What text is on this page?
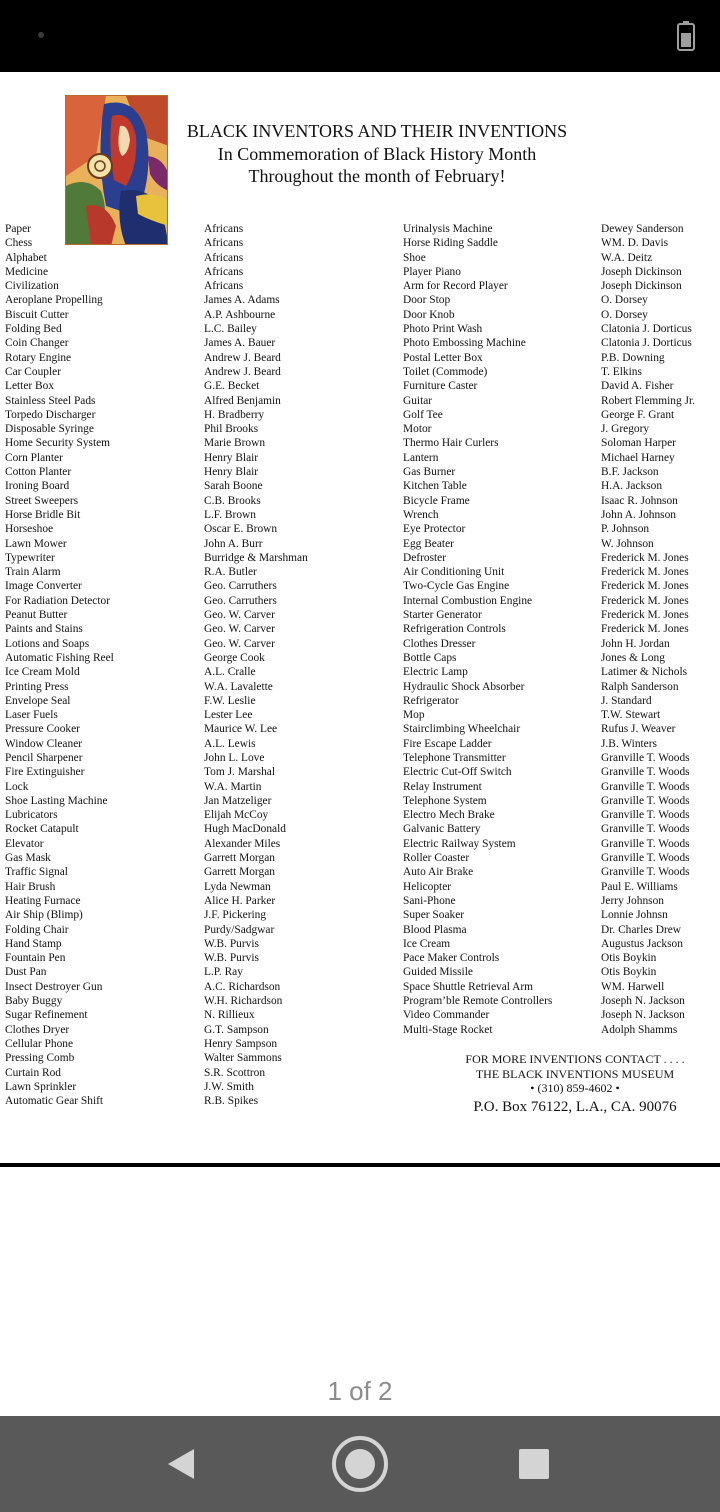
BLACK INVENTORS AND THEIR INVENTIONS
In Commemoration of Black History Month
Throughout the month of February!
Paper
Chess
Alphabet
Medicine
Civilization
Aeroplane Propelling
Biscuit Cutter
Folding Bed
Coin Changer
Rotary Engine
Car Coupler
Letter Box
Stainless Steel Pads
Torpedo Discharger
Disposable Syringe
Home Security System
Corn Planter
Cotton Planter
Ironing Board
Street Sweepers
Horse Bridle Bit
Horseshoe
Lawn Mower
Typewriter
Train Alarm
Image Converter
For Radiation Detector
Peanut Butter
Paints and Stains
Lotions and Soaps
Automatic Fishing Reel
Ice Cream Mold
Printing Press
Envelope Seal
Laser Fuels
Pressure Cooker
Window Cleaner
Pencil Sharpener
Fire Extinguisher
Lock
Shoe Lasting Machine
Lubricators
Rocket Catapult
Elevator
Gas Mask
Traffic Signal
Hair Brush
Heating Furnace
Air Ship (Blimp)
Folding Chair
Hand Stamp
Fountain Pen
Dust Pan
Insect Destroyer Gun
Baby Buggy
Sugar Refinement
Clothes Dryer
Cellular Phone
Pressing Comb
Curtain Rod
Lawn Sprinkler
Automatic Gear Shift
Africans
Africans
Africans
Africans
Africans
James A. Adams
A.P. Ashbourne
L.C. Bailey
James A. Bauer
Andrew J. Beard
Andrew J. Beard
G.E. Becket
Alfred Benjamin
H. Bradberry
Phil Brooks
Marie Brown
Henry Blair
Henry Blair
Sarah Boone
C.B. Brooks
L.F. Brown
Oscar E. Brown
John A. Burr
Burridge & Marshman
R.A. Butler
Geo. Carruthers
Geo. Carruthers
Geo. W. Carver
Geo. W. Carver
Geo. W. Carver
George Cook
A.L. Cralle
W.A. Lavalette
F.W. Leslie
Lester Lee
Maurice W. Lee
A.L. Lewis
John L. Love
Tom J. Marshal
W.A. Martin
Jan Matzeliger
Elijah McCoy
Hugh MacDonald
Alexander Miles
Garrett Morgan
Garrett Morgan
Lyda Newman
Alice H. Parker
J.F. Pickering
Purdy/Sadgwar
W.B. Purvis
W.B. Purvis
L.P. Ray
A.C. Richardson
W.H. Richardson
N. Rillieux
G.T. Sampson
Henry Sampson
Walter Sammons
S.R. Scottron
J.W. Smith
R.B. Spikes
Urinalysis Machine
Horse Riding Saddle
Shoe
Player Piano
Arm for Record Player
Door Stop
Door Knob
Photo Print Wash
Photo Embossing Machine
Postal Letter Box
Toilet (Commode)
Furniture Caster
Guitar
Golf Tee
Motor
Thermo Hair Curlers
Lantern
Gas Burner
Kitchen Table
Bicycle Frame
Wrench
Eye Protector
Egg Beater
Defroster
Air Conditioning Unit
Two-Cycle Gas Engine
Internal Combustion Engine
Starter Generator
Refrigeration Controls
Clothes Dresser
Bottle Caps
Electric Lamp
Hydraulic Shock Absorber
Refrigerator
Mop
Stairclimbing Wheelchair
Fire Escape Ladder
Telephone Transmitter
Electric Cut-Off Switch
Relay Instrument
Telephone System
Electro Mech Brake
Galvanic Battery
Electric Railway System
Roller Coaster
Auto Air Brake
Helicopter
Sani-Phone
Super Soaker
Blood Plasma
Ice Cream
Pace Maker Controls
Guided Missile
Space Shuttle Retrieval Arm
Program’ble Remote Controllers
Video Commander
Multi-Stage Rocket
Dewey Sanderson
WM. D. Davis
W.A. Deitz
Joseph Dickinson
Joseph Dickinson
O. Dorsey
O. Dorsey
Clatonia J. Dorticus
Clatonia J. Dorticus
P.B. Downing
T. Elkins
David A. Fisher
Robert Flemming Jr.
George F. Grant
J. Gregory
Soloman Harper
Michael Harney
B.F. Jackson
H.A. Jackson
Isaac R. Johnson
John A. Johnson
P. Johnson
W. Johnson
Frederick M. Jones
Frederick M. Jones
Frederick M. Jones
Frederick M. Jones
Frederick M. Jones
Frederick M. Jones
John H. Jordan
Jones & Long
Latimer & Nichols
Ralph Sanderson
J. Standard
T.W. Stewart
Rufus J. Weaver
J.B. Winters
Granville T. Woods
Granville T. Woods
Granville T. Woods
Granville T. Woods
Granville T. Woods
Granville T. Woods
Granville T. Woods
Granville T. Woods
Granville T. Woods
Paul E. Williams
Jerry Johnson
Lonnie Johnsn
Dr. Charles Drew
Augustus Jackson
Otis Boykin
Otis Boykin
WM. Harwell
Joseph N. Jackson
Joseph N. Jackson
Adolph Shamms
FOR MORE INVENTIONS CONTACT . . . .
THE BLACK INVENTIONS MUSEUM
• (310) 859-4602 •
P.O. Box 76122, L.A., CA. 90076
1 of 2
